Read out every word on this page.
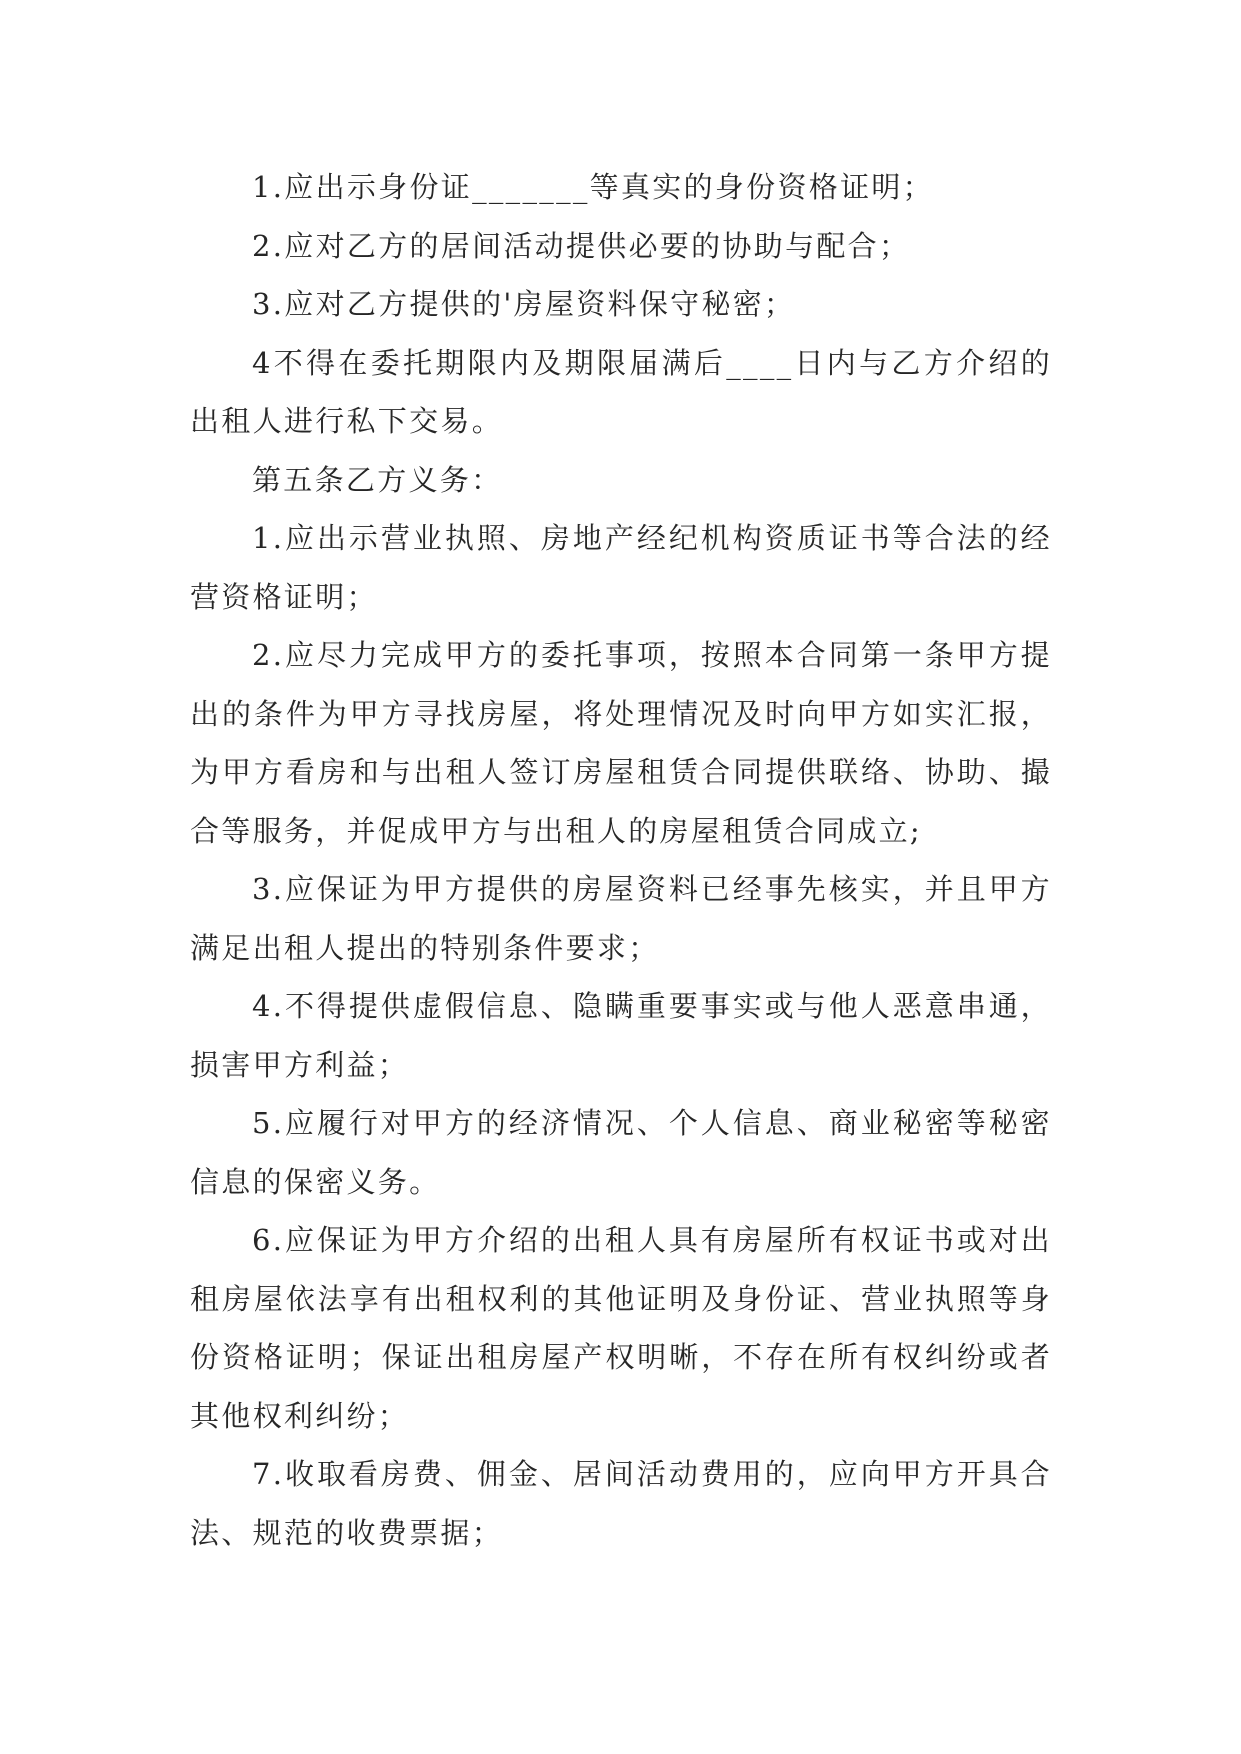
1.应出示身份证_______等真实的身份资格证明；

2.应对乙方的居间活动提供必要的协助与配合；

3.应对乙方提供的'房屋资料保守秘密；

4不得在委托期限内及期限届满后____日内与乙方介绍的出租人进行私下交易。

第五条乙方义务：

1.应出示营业执照、房地产经纪机构资质证书等合法的经营资格证明；

2.应尽力完成甲方的委托事项，按照本合同第一条甲方提出的条件为甲方寻找房屋，将处理情况及时向甲方如实汇报，为甲方看房和与出租人签订房屋租赁合同提供联络、协助、撮合等服务，并促成甲方与出租人的房屋租赁合同成立;

3.应保证为甲方提供的房屋资料已经事先核实，并且甲方满足出租人提出的特别条件要求；

4.不得提供虚假信息、隐瞒重要事实或与他人恶意串通，损害甲方利益；

5.应履行对甲方的经济情况、个人信息、商业秘密等秘密信息的保密义务。

6.应保证为甲方介绍的出租人具有房屋所有权证书或对出租房屋依法享有出租权利的其他证明及身份证、营业执照等身份资格证明；保证出租房屋产权明晰，不存在所有权纠纷或者其他权利纠纷；

7.收取看房费、佣金、居间活动费用的，应向甲方开具合法、规范的收费票据；
